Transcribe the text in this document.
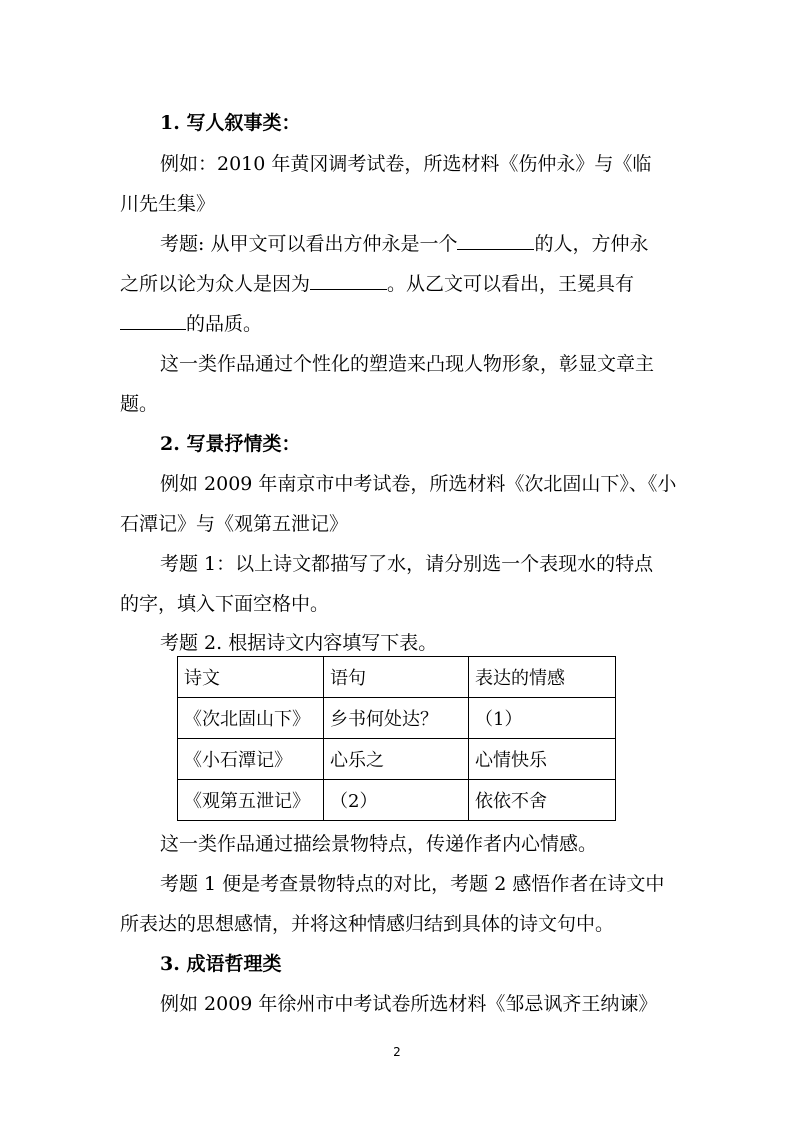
1. 写人叙事类：
例如：2010 年黄冈调考试卷，所选材料《伤仲永》与《临
川先生集》
考题: 从甲文可以看出方仲永是一个	的人，方仲永
之所以论为众人是因为	。从乙文可以看出，王冕具有
的品质。
这一类作品通过个性化的塑造来凸现人物形象，彰显文章主
题。
2. 写景抒情类：
例如 2009 年南京市中考试卷，所选材料《次北固山下》、《小
石潭记》与《观第五泄记》
考题 1：以上诗文都描写了水，请分别选一个表现水的特点
的字，填入下面空格中。
考题 2. 根据诗文内容填写下表。
诗文	语句	表达的情感
《次北固山下》	乡书何处达？	（1）
《小石潭记》	心乐之	心情快乐
《观第五泄记》	（2）	依依不舍
这一类作品通过描绘景物特点，传递作者内心情感。
考题 1 便是考查景物特点的对比，考题 2 感悟作者在诗文中
所表达的思想感情，并将这种情感归结到具体的诗文句中。
3. 成语哲理类
例如 2009 年徐州市中考试卷所选材料《邹忌讽齐王纳谏》
2
